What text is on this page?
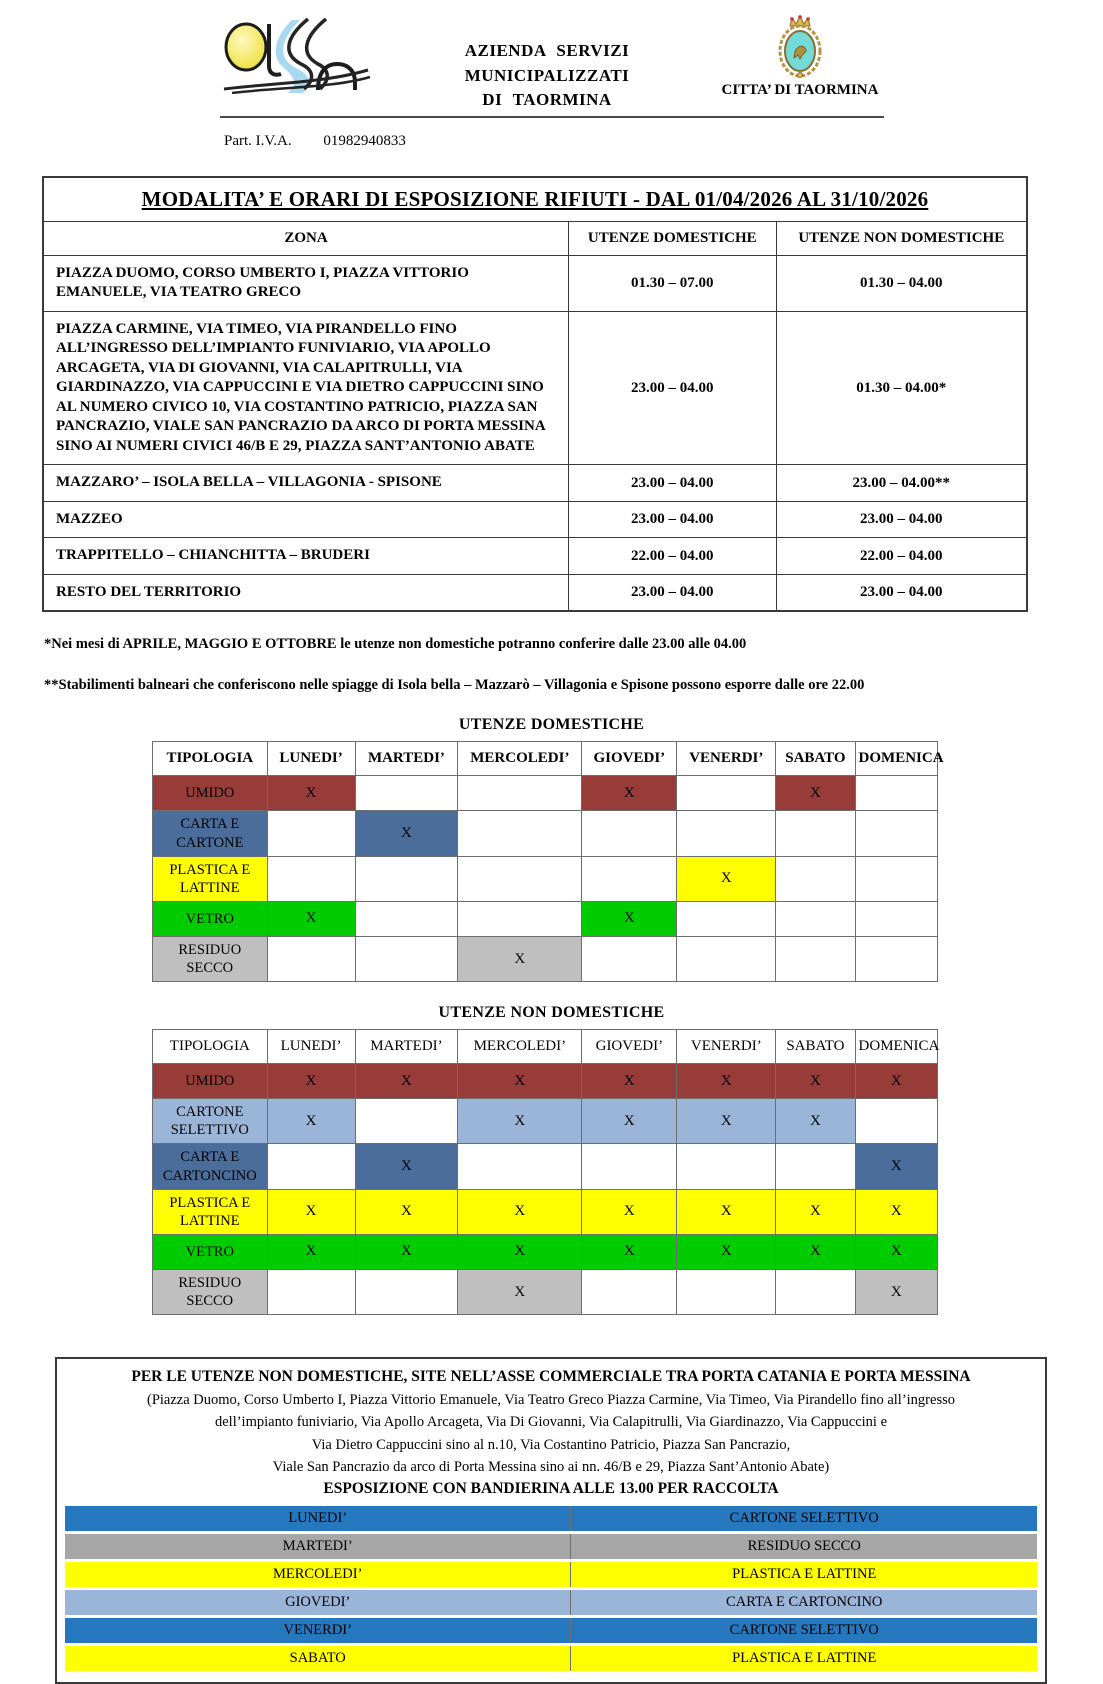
AZIENDA SERVIZI MUNICIPALIZZATI
DI TAORMINA
CITTA’ DI TAORMINA
Part. I.V.A. 01982940833
MODALITA’ E ORARI DI ESPOSIZIONE RIFIUTI - DAL 01/04/2026 AL 31/10/2026		
ZONA	UTENZE DOMESTICHE	UTENZE NON DOMESTICHE
PIAZZA DUOMO, CORSO UMBERTO I, PIAZZA VITTORIO EMANUELE, VIA TEATRO GRECO	01.30 – 07.00	01.30 – 04.00
PIAZZA CARMINE, VIA TIMEO, VIA PIRANDELLO FINO ALL’INGRESSO DELL’IMPIANTO FUNIVIARIO, VIA APOLLO ARCAGETA, VIA DI GIOVANNI, VIA CALAPITRULLI, VIA GIARDINAZZO, VIA CAPPUCCINI E VIA DIETRO CAPPUCCINI SINO AL NUMERO CIVICO 10, VIA COSTANTINO PATRICIO, PIAZZA SAN PANCRAZIO, VIALE SAN PANCRAZIO DA ARCO DI PORTA MESSINA SINO AI NUMERI CIVICI 46/B E 29, PIAZZA SANT’ANTONIO ABATE	23.00 – 04.00	01.30 – 04.00*
MAZZARO’ – ISOLA BELLA – VILLAGONIA - SPISONE	23.00 – 04.00	23.00 – 04.00**
MAZZEO	23.00 – 04.00	23.00 – 04.00
TRAPPITELLO – CHIANCHITTA – BRUDERI	22.00 – 04.00	22.00 – 04.00
RESTO DEL TERRITORIO	23.00 – 04.00	23.00 – 04.00
*Nei mesi di APRILE, MAGGIO E OTTOBRE le utenze non domestiche potranno conferire dalle 23.00 alle 04.00
**Stabilimenti balneari che conferiscono nelle spiagge di Isola bella – Mazzarò – Villagonia e Spisone possono esporre dalle ore 22.00
UTENZE DOMESTICHE
TIPOLOGIA	LUNEDI’	MARTEDI’	MERCOLEDI’	GIOVEDI’	VENERDI’	SABATO	DOMENICA
UMIDO	X			X		X	
CARTA E CARTONE		X					
PLASTICA E LATTINE					X		
VETRO	X			X			
RESIDUO SECCO			X				
UTENZE NON DOMESTICHE
TIPOLOGIA	LUNEDI’	MARTEDI’	MERCOLEDI’	GIOVEDI’	VENERDI’	SABATO	DOMENICA
UMIDO	X	X	X	X	X	X	X
CARTONE SELETTIVO	X		X	X	X	X	
CARTA E CARTONCINO		X					X
PLASTICA E LATTINE	X	X	X	X	X	X	X
VETRO	X	X	X	X	X	X	X
RESIDUO SECCO			X				X
PER LE UTENZE NON DOMESTICHE, SITE NELL’ASSE COMMERCIALE TRA PORTA CATANIA E PORTA MESSINA
(Piazza Duomo, Corso Umberto I, Piazza Vittorio Emanuele, Via Teatro Greco Piazza Carmine, Via Timeo, Via Pirandello fino all’ingresso
dell’impianto funiviario, Via Apollo Arcageta, Via Di Giovanni, Via Calapitrulli, Via Giardinazzo, Via Cappuccini e
Via Dietro Cappuccini sino al n.10, Via Costantino Patricio, Piazza San Pancrazio,
Viale San Pancrazio da arco di Porta Messina sino ai nn. 46/B e 29, Piazza Sant’Antonio Abate)
ESPOSIZIONE CON BANDIERINA ALLE 13.00 PER RACCOLTA
LUNEDI’	CARTONE SELETTIVO
MARTEDI’	RESIDUO SECCO
MERCOLEDI’	PLASTICA E LATTINE
GIOVEDI’	CARTA E CARTONCINO
VENERDI’	CARTONE SELETTIVO
SABATO	PLASTICA E LATTINE
